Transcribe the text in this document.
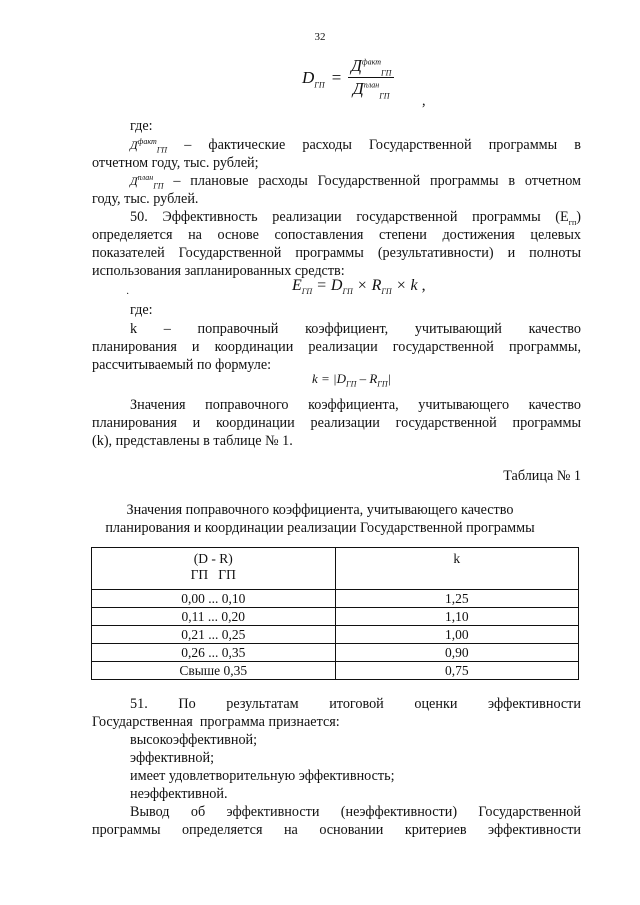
32
$D_{ГП} = \frac{Д^{факт}_{ГП}}{Д^{план}_{ГП}}$
,
где:
$Д^{факт}_{ГП}$ – фактические расходы Государственной программы в
отчетном году, тыс. рублей;
$Д^{план}_{ГП}$ – плановые расходы Государственной программы в отчетном
году, тыс. рублей.
50. Эффективность реализации государственной программы $(Е_{гп})$
определяется на основе сопоставления степени достижения целевых
показателей Государственной программы (результативности) и полноты
использования запланированных средств:
·
$E_{ГП} = D_{ГП} \times R_{ГП} \times k$ ,
где:
k – поправочный коэффициент, учитывающий качество
планирования и координации реализации государственной программы,
рассчитываемый по формуле:
$k = |D_{ГП} - R_{ГП}|$
Значения поправочного коэффициента, учитывающего качество
планирования и координации реализации государственной программы
(k), представлены в таблице № 1.
Таблица № 1
Значения поправочного коэффициента, учитывающего качество
планирования и координации реализации Государственной программы
(D - R)
ГП   ГП	k
0,00 ... 0,10	1,25
0,11 ... 0,20	1,10
0,21 ... 0,25	1,00
0,26 ... 0,35	0,90
Свыше 0,35	0,75
51. По результатам итоговой оценки эффективности
Государственная  программа признается:
высокоэффективной;
эффективной;
имеет удовлетворительную эффективность;
неэффективной.
Вывод об эффективности (неэффективности) Государственной
программы определяется на основании критериев эффективности
